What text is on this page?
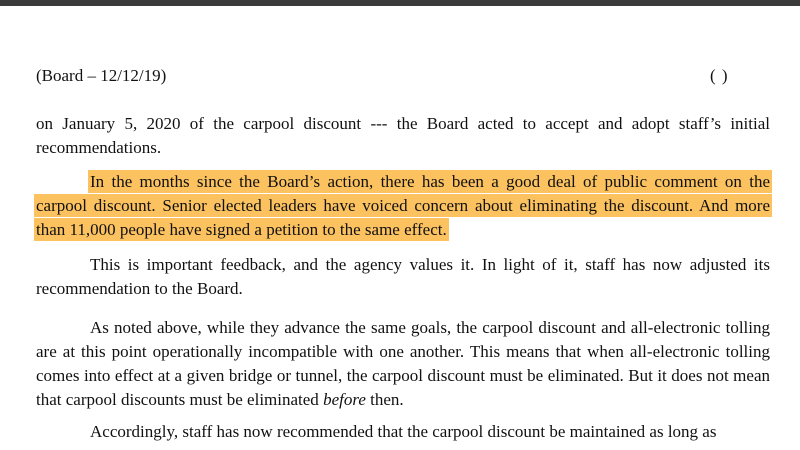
(Board – 12/12/19)	( )
on January 5, 2020 of the carpool discount --- the Board acted to accept and adopt staff’s initial recommendations.
In the months since the Board’s action, there has been a good deal of public comment on the carpool discount. Senior elected leaders have voiced concern about eliminating the discount. And more than 11,000 people have signed a petition to the same effect.
This is important feedback, and the agency values it. In light of it, staff has now adjusted its recommendation to the Board.
As noted above, while they advance the same goals, the carpool discount and all-electronic tolling are at this point operationally incompatible with one another. This means that when all-electronic tolling comes into effect at a given bridge or tunnel, the carpool discount must be eliminated. But it does not mean that carpool discounts must be eliminated before then.
Accordingly, staff has now recommended that the carpool discount be maintained as long as
